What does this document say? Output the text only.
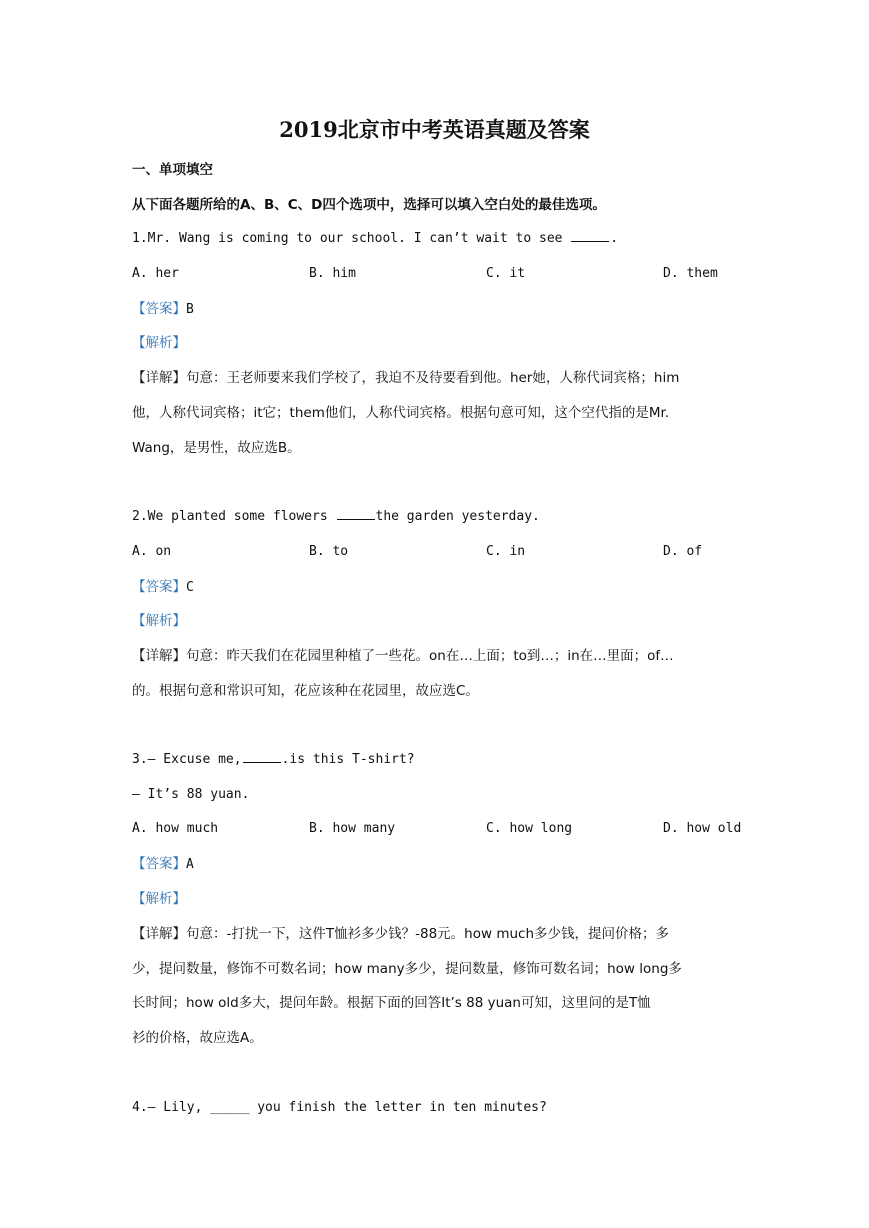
2019北京市中考英语真题及答案
一、单项填空
从下面各题所给的A、B、C、D四个选项中，选择可以填入空白处的最佳选项。
1.Mr. Wang is coming to our school. I can’t wait to see	.
A. her	B. him	C. it	D. them
【答案】B
【解析】
【详解】句意：王老师要来我们学校了，我迫不及待要看到他。her她，人称代词宾格；him
他，人称代词宾格；it它；them他们，人称代词宾格。根据句意可知，这个空代指的是Mr.
Wang，是男性，故应选B。
2.We planted some flowers	the garden yesterday.
A. on	B. to	C. in	D. of
【答案】C
【解析】
【详解】句意：昨天我们在花园里种植了一些花。on在…上面；to到…；in在…里面；of…
的。根据句意和常识可知，花应该种在花园里，故应选C。
3.— Excuse me,	.is this T-shirt?
— It’s 88 yuan.
A. how much	B. how many	C. how long	D. how old
【答案】A
【解析】
【详解】句意：-打扰一下，这件T恤衫多少钱？-88元。how much多少钱，提问价格；多
少，提问数量，修饰不可数名词；how many多少，提问数量，修饰可数名词；how long多
长时间；how old多大，提问年龄。根据下面的回答It’s 88 yuan可知，这里问的是T恤
衫的价格，故应选A。
4.— Lily, _____ you finish the letter in ten minutes?
